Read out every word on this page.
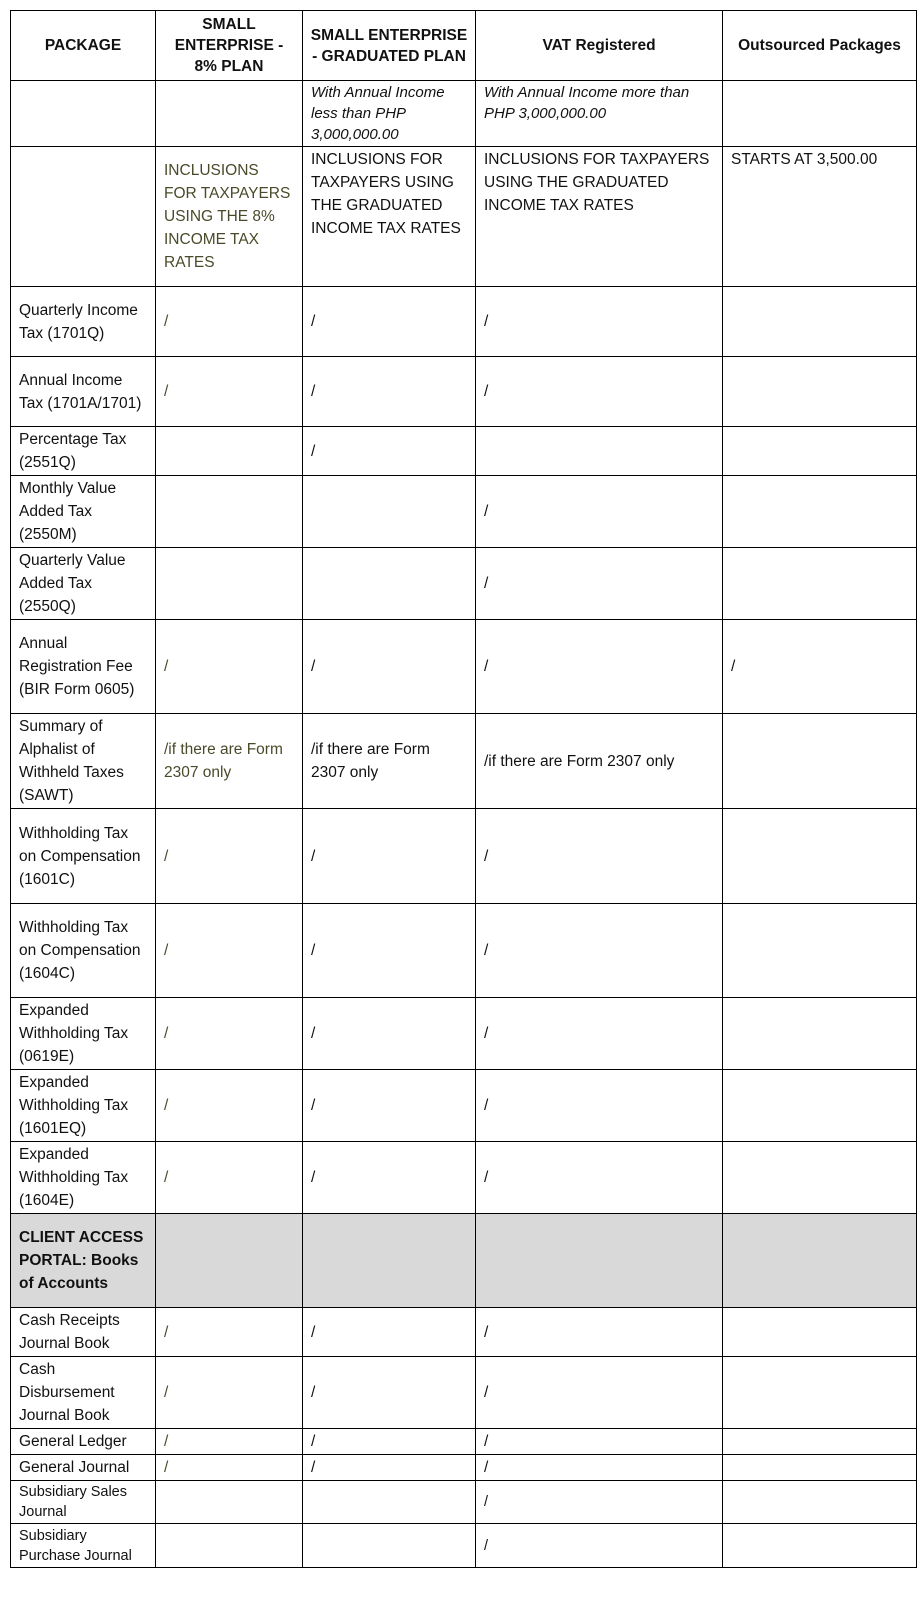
PACKAGE	SMALL ENTERPRISE - 8% PLAN	SMALL ENTERPRISE - GRADUATED PLAN	VAT Registered	Outsourced Packages
		With Annual Income less than PHP 3,000,000.00	With Annual Income more than PHP 3,000,000.00	
	INCLUSIONS FOR TAXPAYERS USING THE 8% INCOME TAX RATES	INCLUSIONS FOR TAXPAYERS USING THE GRADUATED INCOME TAX RATES	INCLUSIONS FOR TAXPAYERS USING THE GRADUATED INCOME TAX RATES	STARTS AT 3,500.00
Quarterly Income Tax (1701Q)	/	/	/	
Annual Income Tax (1701A/1701)	/	/	/	
Percentage Tax (2551Q)		/		
Monthly Value Added Tax (2550M)			/	
Quarterly Value Added Tax (2550Q)			/	
Annual Registration Fee (BIR Form 0605)	/	/	/	/
Summary of Alphalist of Withheld Taxes (SAWT)	/if there are Form 2307 only	/if there are Form 2307 only	/if there are Form 2307 only	
Withholding Tax on Compensation (1601C)	/	/	/	
Withholding Tax on Compensation (1604C)	/	/	/	
Expanded Withholding Tax (0619E)	/	/	/	
Expanded Withholding Tax (1601EQ)	/	/	/	
Expanded Withholding Tax (1604E)	/	/	/	
CLIENT ACCESS PORTAL: Books of Accounts				
Cash Receipts Journal Book	/	/	/	
Cash Disbursement Journal Book	/	/	/	
General Ledger	/	/	/	
General Journal	/	/	/	
Subsidiary Sales Journal			/	
Subsidiary Purchase Journal			/	
